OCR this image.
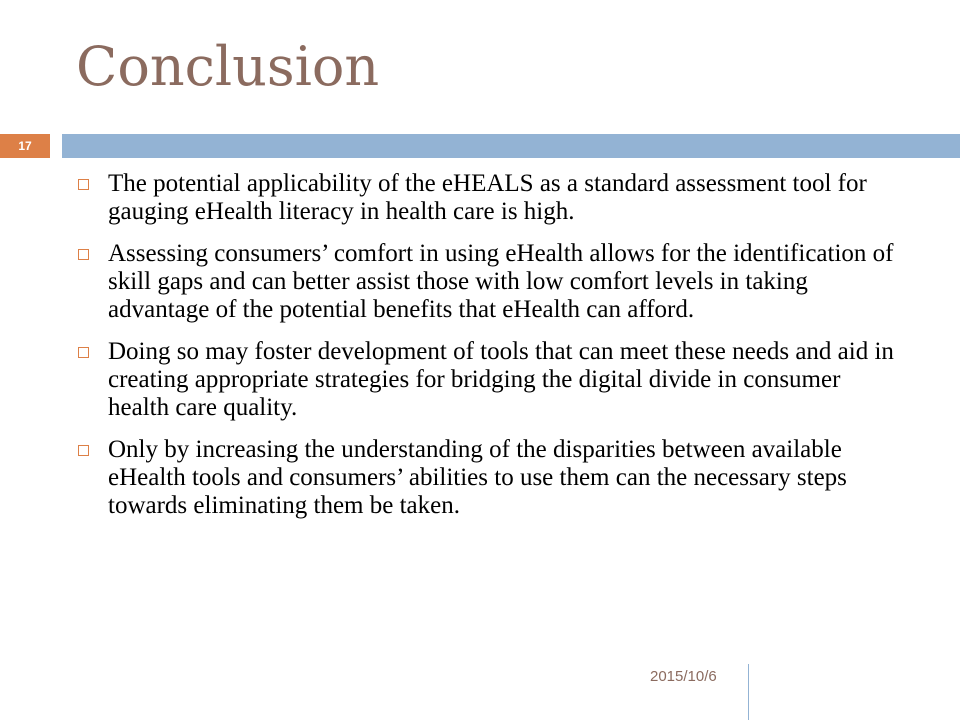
Conclusion
17
The potential applicability of the eHEALS as a standard assessment tool for gauging eHealth literacy in health care is high.
Assessing consumers’ comfort in using eHealth allows for the identification of skill gaps and can better assist those with low comfort levels in taking advantage of the potential benefits that eHealth can afford.
Doing so may foster development of tools that can meet these needs and aid in creating appropriate strategies for bridging the digital divide in consumer health care quality.
Only by increasing the understanding of the disparities between available eHealth tools and consumers’ abilities to use them can the necessary steps towards eliminating them be taken.
2015/10/6
